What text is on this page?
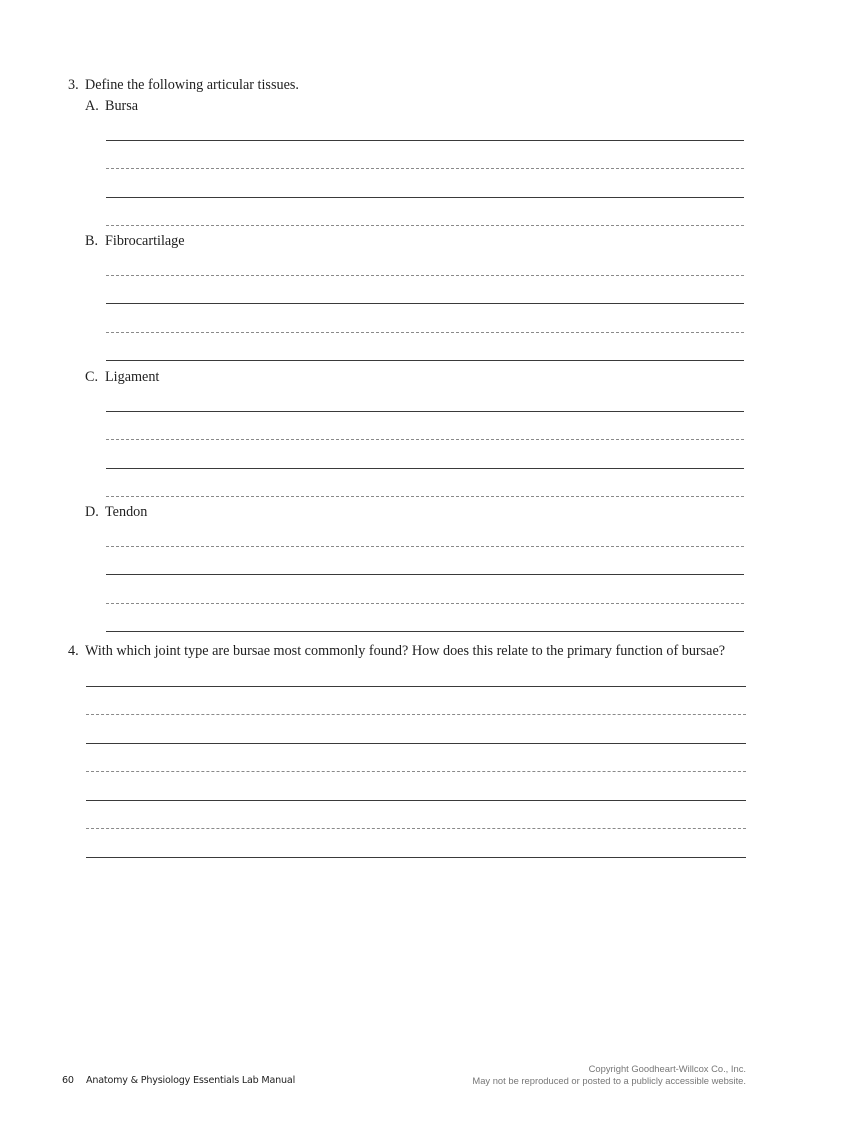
3. Define the following articular tissues.
A. Bursa
B. Fibrocartilage
C. Ligament
D. Tendon
4. With which joint type are bursae most commonly found? How does this relate to the primary function of bursae?
60 Anatomy & Physiology Essentials Lab Manual
Copyright Goodheart-Willcox Co., Inc.
May not be reproduced or posted to a publicly accessible website.
